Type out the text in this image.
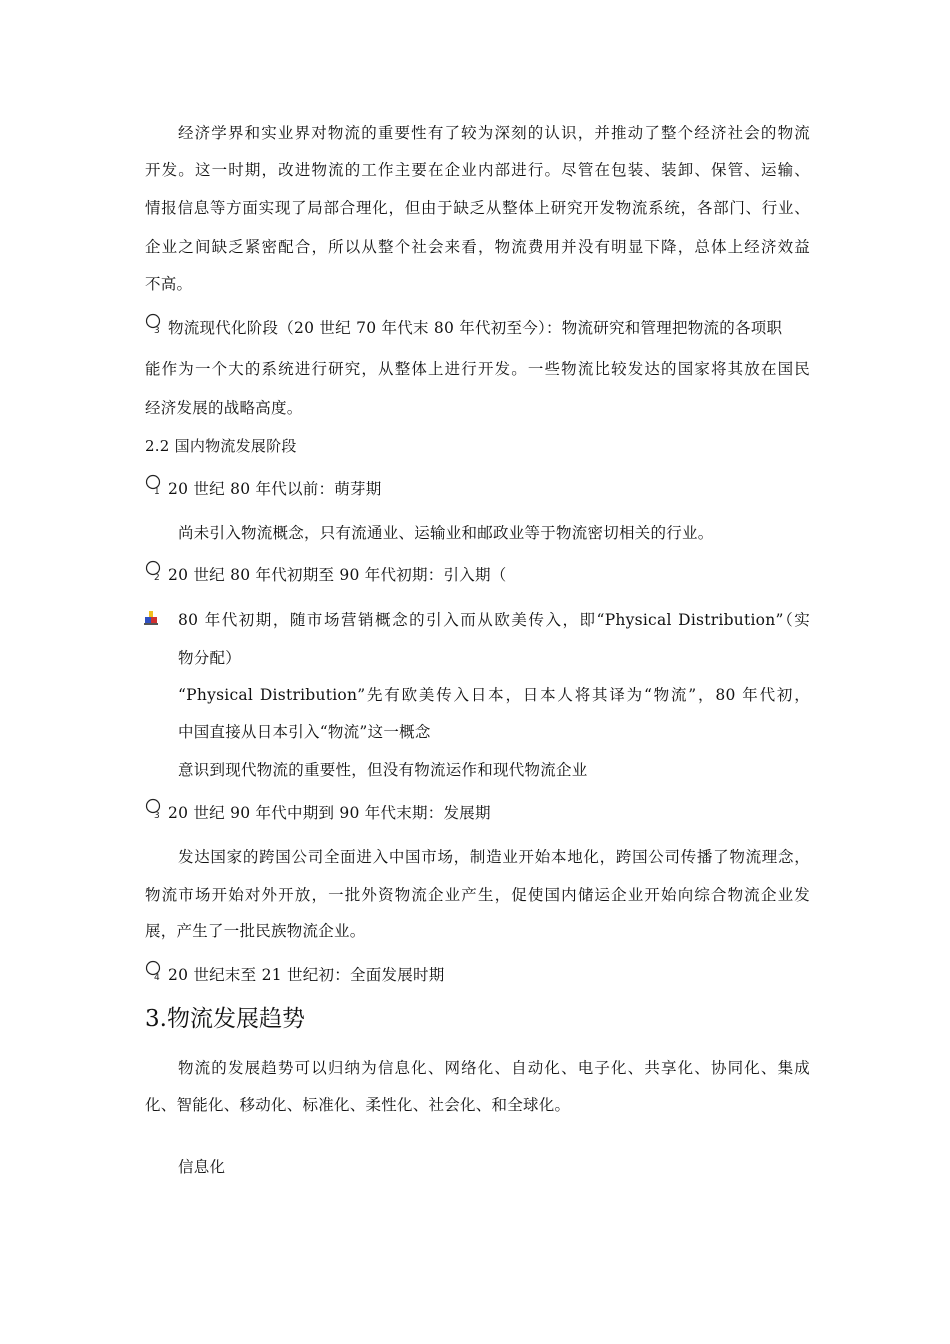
经济学界和实业界对物流的重要性有了较为深刻的认识，并推动了整个经济社会的物流
开发。这一时期，改进物流的工作主要在企业内部进行。尽管在包装、装卸、保管、运输、
情报信息等方面实现了局部合理化，但由于缺乏从整体上研究开发物流系统，各部门、行业、
企业之间缺乏紧密配合，所以从整个社会来看，物流费用并没有明显下降，总体上经济效益
不高。
3 物流现代化阶段（20 世纪 70 年代末 80 年代初至今）：物流研究和管理把物流的各项职
能作为一个大的系统进行研究，从整体上进行开发。一些物流比较发达的国家将其放在国民
经济发展的战略高度。
2.2 国内物流发展阶段
1 20 世纪 80 年代以前：萌芽期
尚未引入物流概念，只有流通业、运输业和邮政业等于物流密切相关的行业。
2 20 世纪 80 年代初期至 90 年代初期：引入期（
80 年代初期，随市场营销概念的引入而从欧美传入，即“Physical Distribution”（实
物分配）
“Physical Distribution”先有欧美传入日本，日本人将其译为“物流”，80 年代初，
中国直接从日本引入“物流”这一概念
意识到现代物流的重要性，但没有物流运作和现代物流企业
3 20 世纪 90 年代中期到 90 年代末期：发展期
发达国家的跨国公司全面进入中国市场，制造业开始本地化，跨国公司传播了物流理念，
物流市场开始对外开放，一批外资物流企业产生，促使国内储运企业开始向综合物流企业发
展，产生了一批民族物流企业。
4 20 世纪末至 21 世纪初：全面发展时期
3.物流发展趋势
物流的发展趋势可以归纳为信息化、网络化、自动化、电子化、共享化、协同化、集成
化、智能化、移动化、标准化、柔性化、社会化、和全球化。
信息化
